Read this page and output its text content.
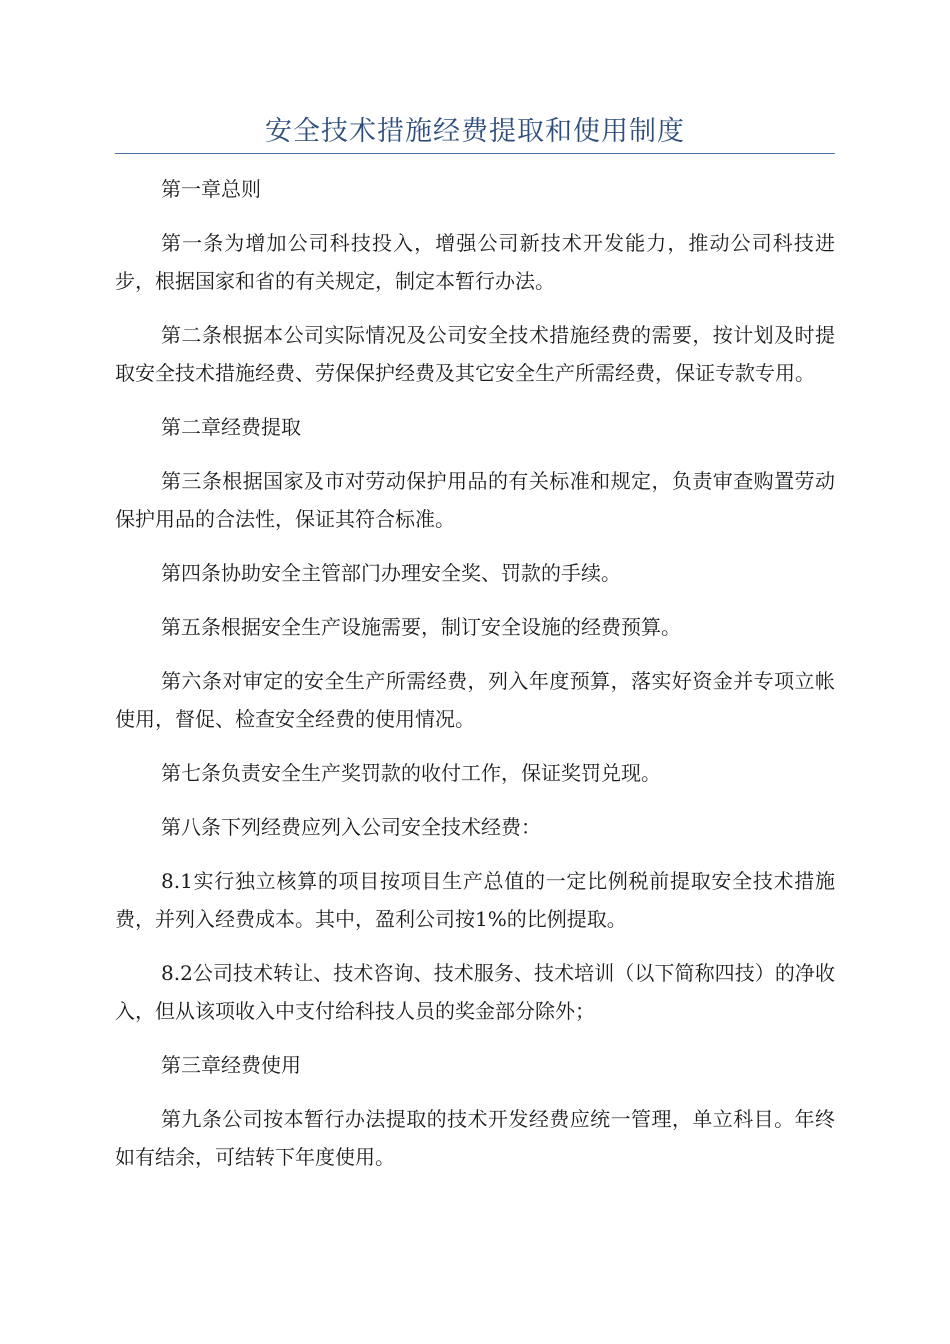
安全技术措施经费提取和使用制度

第一章总则

第一条为增加公司科技投入，增强公司新技术开发能力，推动公司科技进步，根据国家和省的有关规定，制定本暂行办法。

第二条根据本公司实际情况及公司安全技术措施经费的需要，按计划及时提取安全技术措施经费、劳保保护经费及其它安全生产所需经费，保证专款专用。

第二章经费提取

第三条根据国家及市对劳动保护用品的有关标准和规定，负责审查购置劳动保护用品的合法性，保证其符合标准。

第四条协助安全主管部门办理安全奖、罚款的手续。

第五条根据安全生产设施需要，制订安全设施的经费预算。

第六条对审定的安全生产所需经费，列入年度预算，落实好资金并专项立帐使用，督促、检查安全经费的使用情况。

第七条负责安全生产奖罚款的收付工作，保证奖罚兑现。

第八条下列经费应列入公司安全技术经费：

8.1实行独立核算的项目按项目生产总值的一定比例税前提取安全技术措施费，并列入经费成本。其中，盈利公司按1%的比例提取。

8.2公司技术转让、技术咨询、技术服务、技术培训（以下简称四技）的净收入，但从该项收入中支付给科技人员的奖金部分除外；

第三章经费使用

第九条公司按本暂行办法提取的技术开发经费应统一管理，单立科目。年终如有结余，可结转下年度使用。
